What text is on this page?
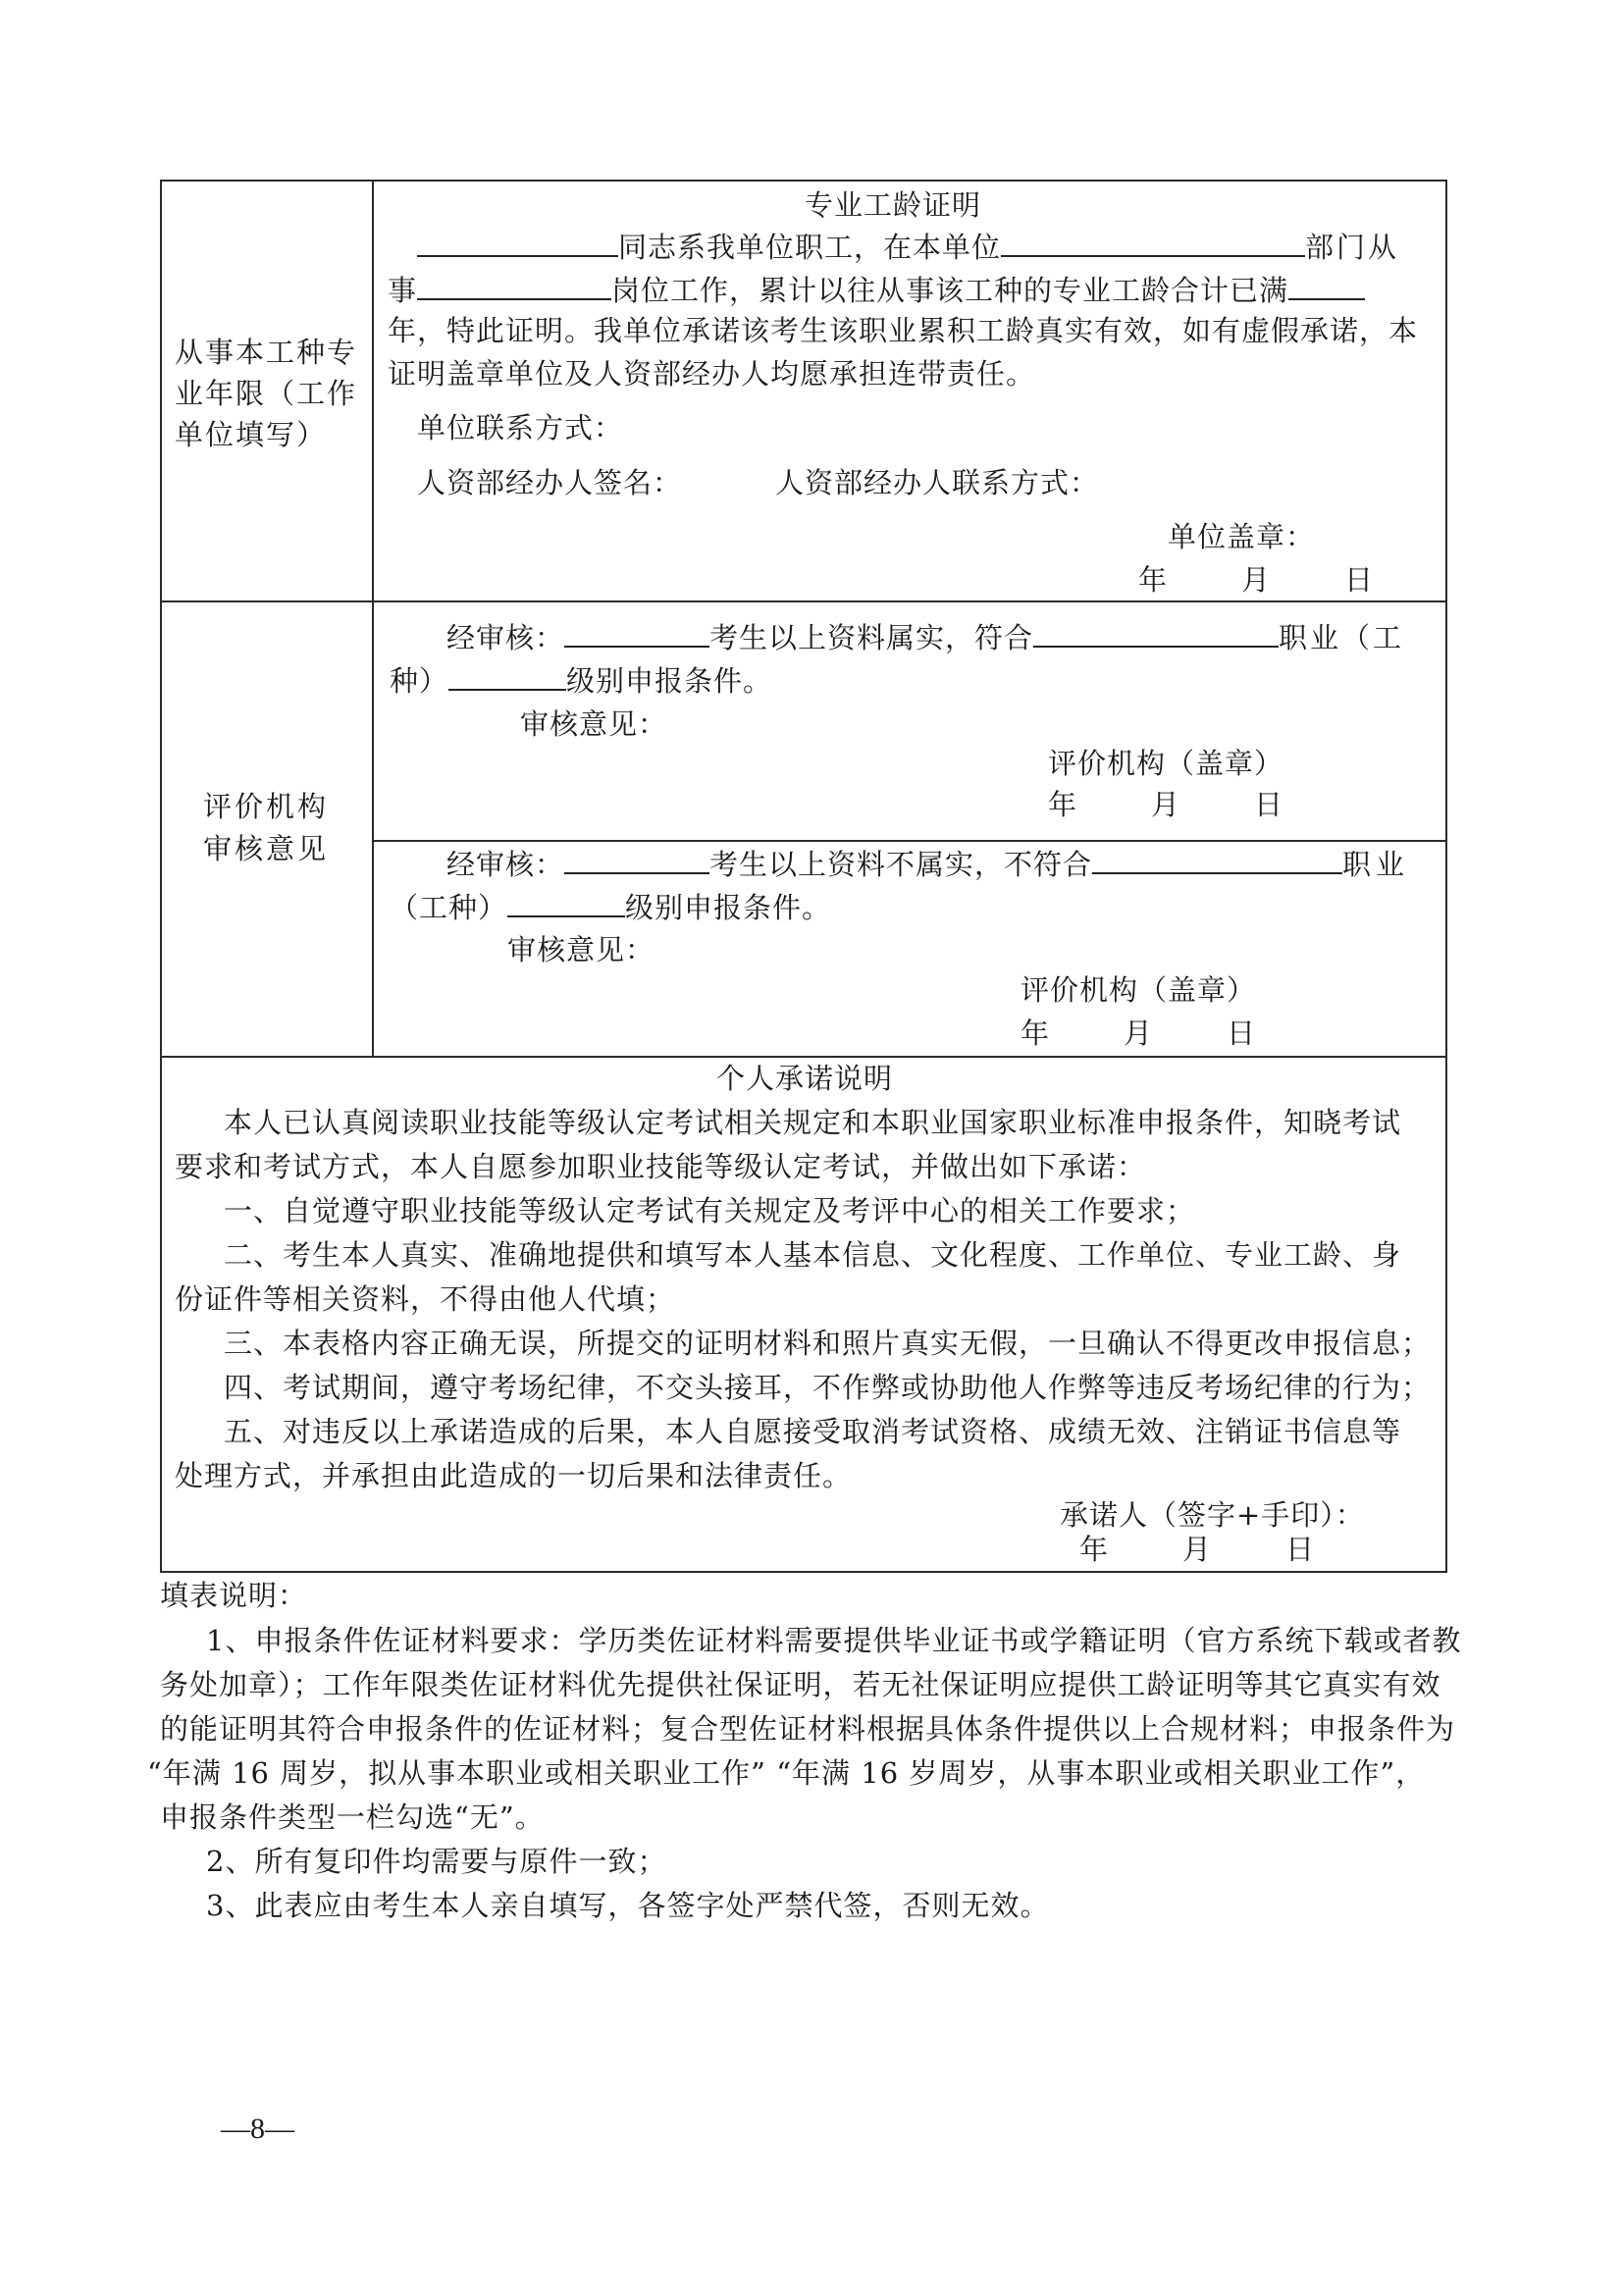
从事本工种专
业年限（工作
单位填写）
专业工龄证明
同志系我单位职工，在本单位	部门从
事	岗位工作，累计以往从事该工种的专业工龄合计已满
年，特此证明。我单位承诺该考生该职业累积工龄真实有效，如有虚假承诺，本
证明盖章单位及人资部经办人均愿承担连带责任。
单位联系方式：
人资部经办人签名：	人资部经办人联系方式：
单位盖章：
年　　月　　日
评价机构
审核意见
经审核：	考生以上资料属实，符合	职业（工
种）	级别申报条件。
审核意见：
评价机构（盖章）
年　　月　　日
经审核：	考生以上资料不属实，不符合	职业
（工种）	级别申报条件。
审核意见：
评价机构（盖章）
年　　月　　日
个人承诺说明
本人已认真阅读职业技能等级认定考试相关规定和本职业国家职业标准申报条件，知晓考试
要求和考试方式，本人自愿参加职业技能等级认定考试，并做出如下承诺：
一、自觉遵守职业技能等级认定考试有关规定及考评中心的相关工作要求；
二、考生本人真实、准确地提供和填写本人基本信息、文化程度、工作单位、专业工龄、身
份证件等相关资料，不得由他人代填；
三、本表格内容正确无误，所提交的证明材料和照片真实无假，一旦确认不得更改申报信息；
四、考试期间，遵守考场纪律，不交头接耳，不作弊或协助他人作弊等违反考场纪律的行为；
五、对违反以上承诺造成的后果，本人自愿接受取消考试资格、成绩无效、注销证书信息等
处理方式，并承担由此造成的一切后果和法律责任。
承诺人（签字+手印）：
年　　月　　日
填表说明：
1、申报条件佐证材料要求：学历类佐证材料需要提供毕业证书或学籍证明（官方系统下载或者教
务处加章）；工作年限类佐证材料优先提供社保证明，若无社保证明应提供工龄证明等其它真实有效
的能证明其符合申报条件的佐证材料；复合型佐证材料根据具体条件提供以上合规材料；申报条件为
“年满 16 周岁，拟从事本职业或相关职业工作” “年满 16 岁周岁，从事本职业或相关职业工作”，
申报条件类型一栏勾选“无”。
2、所有复印件均需要与原件一致；
3、此表应由考生本人亲自填写，各签字处严禁代签，否则无效。
—8—
